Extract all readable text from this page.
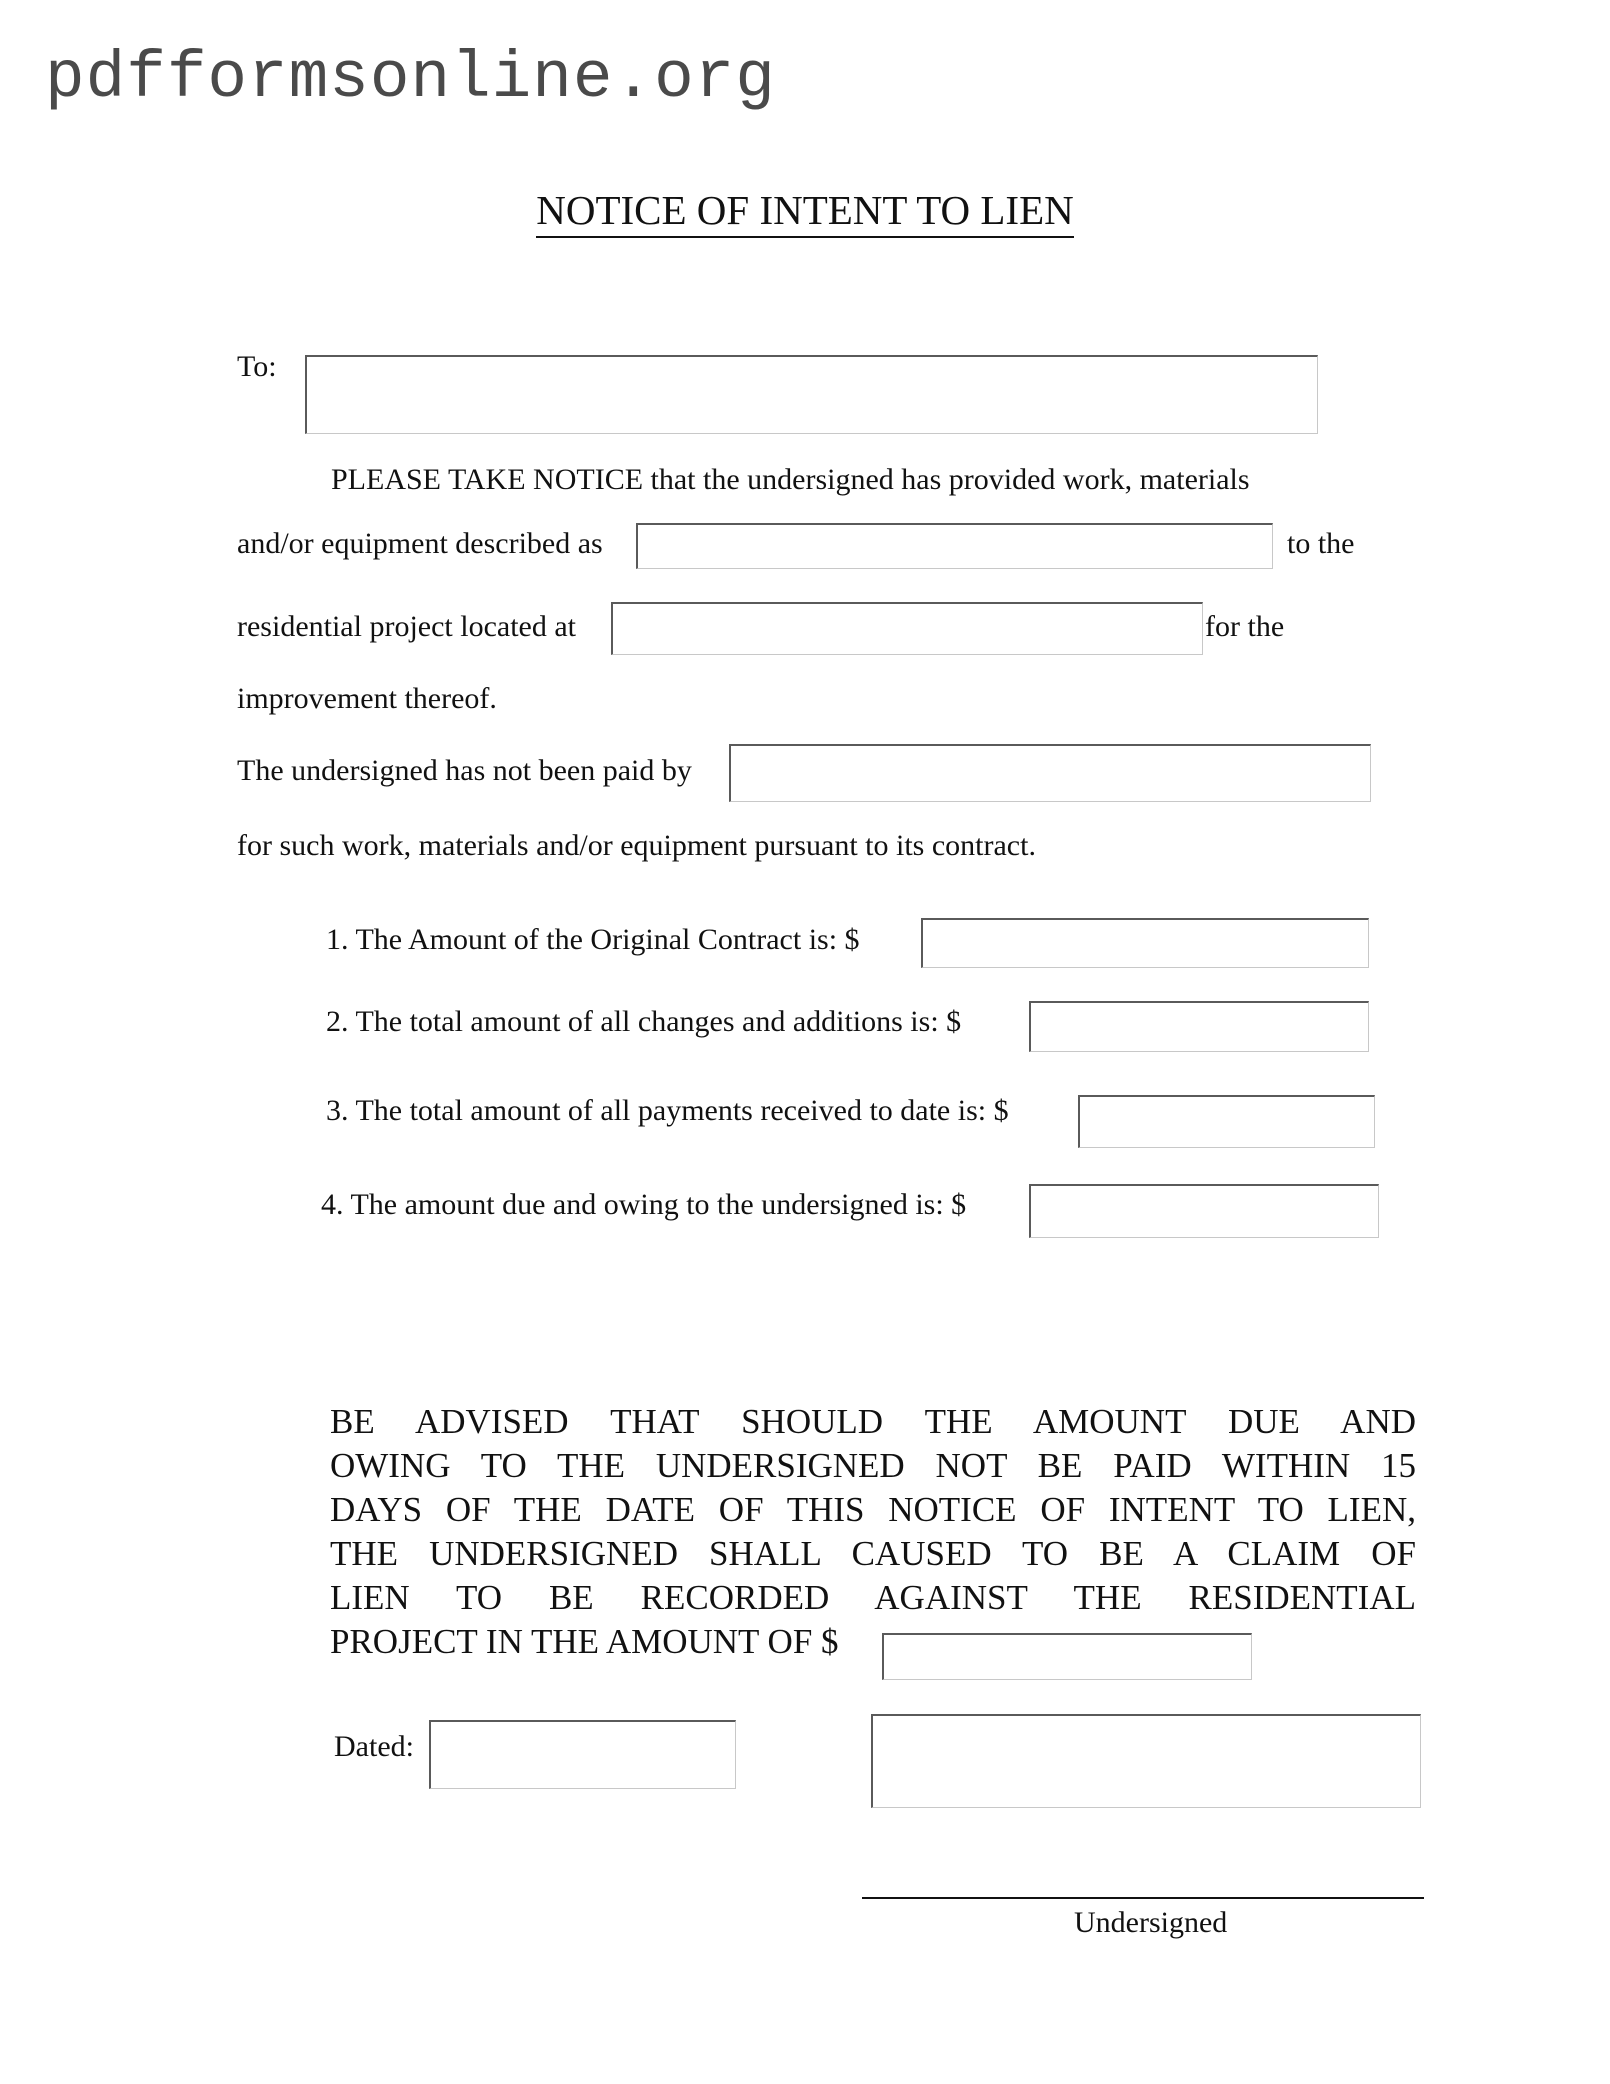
pdfformsonline.org
NOTICE OF INTENT TO LIEN
To:
PLEASE TAKE NOTICE that the undersigned has provided work, materials
and/or equipment described as	to the
residential project located at	for the
improvement thereof.
The undersigned has not been paid by
for such work, materials and/or equipment pursuant to its contract.
1. The Amount of the Original Contract is: $
2. The total amount of all changes and additions is: $
3. The total amount of all payments received to date is: $
4. The amount due and owing to the undersigned is: $
BE ADVISED THAT SHOULD THE AMOUNT DUE AND
OWING TO THE UNDERSIGNED NOT BE PAID WITHIN 15
DAYS OF THE DATE OF THIS NOTICE OF INTENT TO LIEN,
THE UNDERSIGNED SHALL CAUSED TO BE A CLAIM OF
LIEN TO BE RECORDED AGAINST THE RESIDENTIAL
PROJECT IN THE AMOUNT OF $
Dated:
Undersigned
